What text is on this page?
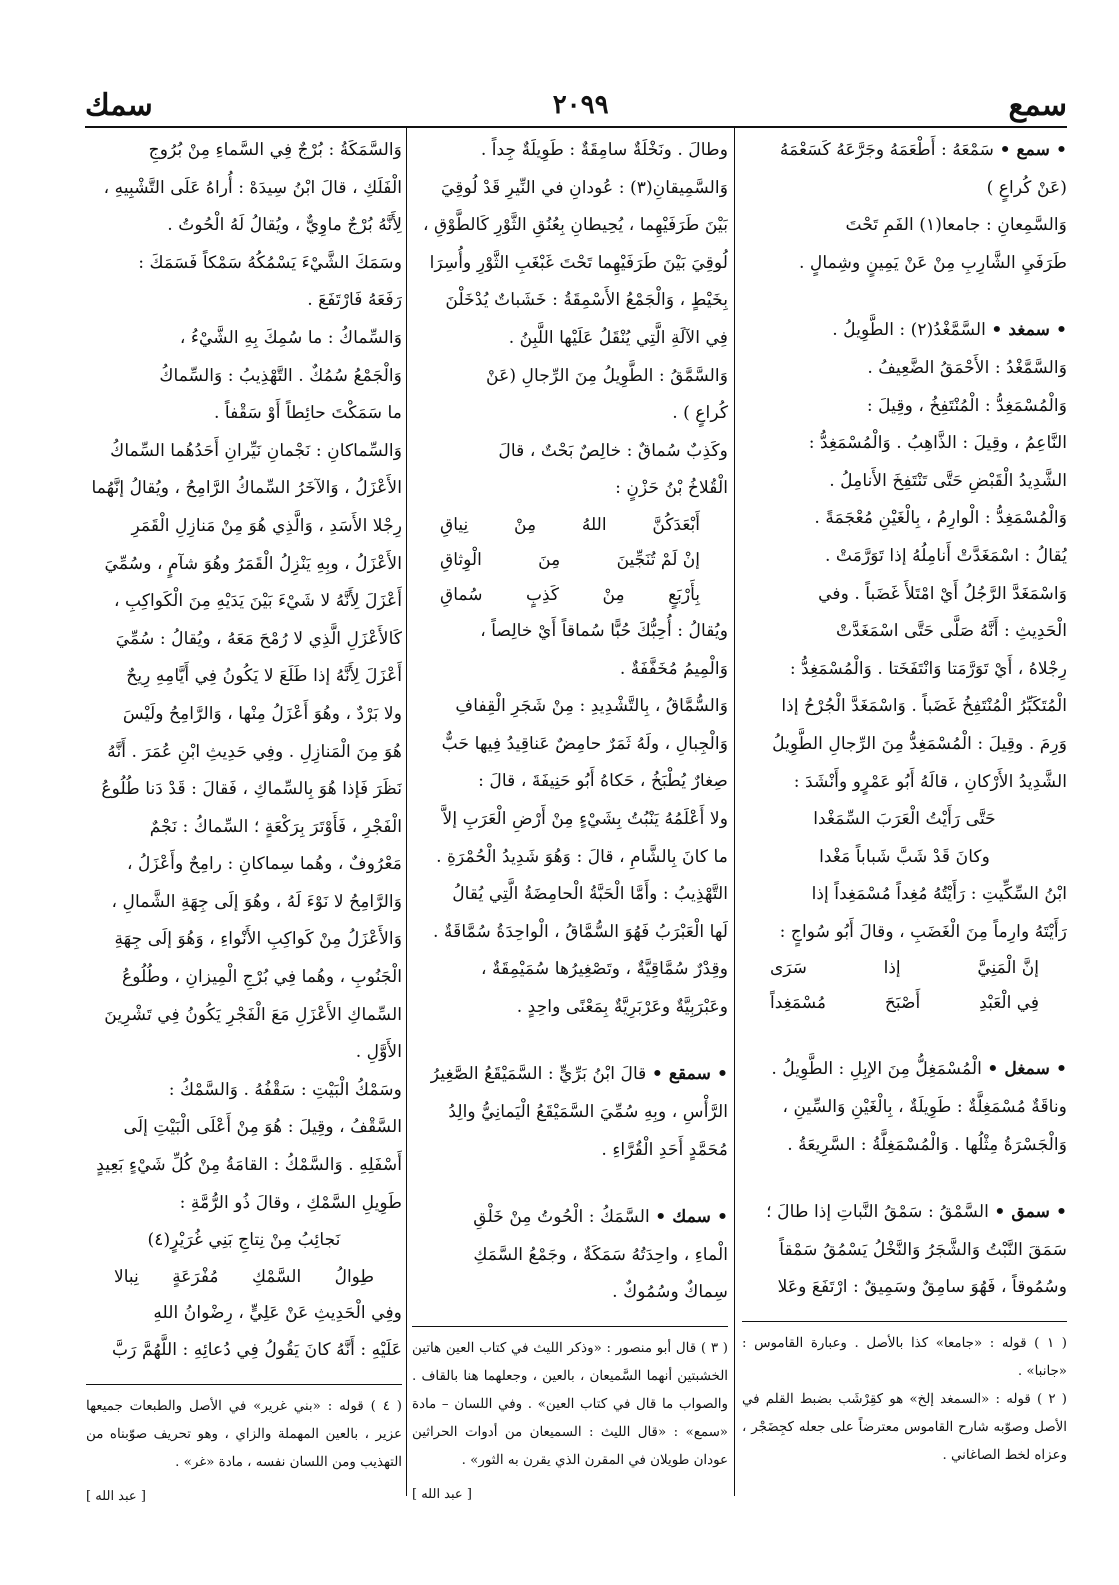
سمك	٢٠٩٩	سمع

• سمع • سَمْعَهُ : أَطْعَمَهُ وجَرَّعَهُ كَسَعْمَهُ

(عَنْ كُراعٍ )

وَالسَّمِعانِ : جامعا(١) الفَمِ تَحْتَ

طَرَفَيِ الشَّارِبِ مِنْ عَنْ يَمِينٍ وشِمالٍ .

• سمغد • السَّمَّغْدُ(٢) : الطَّوِيلُ .

وَالسَّمَّغْدُ : الأَحْمَقُ الضَّعِيفُ .

وَالْمُسْمَغِدُّ : الْمُنْتَفِخُ ، وقِيلَ :

النَّاعِمُ ، وقِيلَ : الذَّاهِبُ . وَالْمُسْمَغِدُّ :

الشَّدِيدُ الْقَبْضِ حَتَّى تَنْتَفِخَ الأَنامِلُ .

وَالْمُسْمَغِدُّ : الْوارِمُ ، بِالْغَيْنِ مُعْجَمَةً .

يُقالُ : اسْمَغَدَّتْ أَنامِلُهُ إذا تَوَرَّمَتْ .

وَاسْمَغَدَّ الرَّجُلُ أَيْ امْتَلأَ غَضَباً . وفي

الْحَدِيثِ : أَنَّهُ صَلَّى حَتَّى اسْمَغَدَّتْ

رِجْلاهُ ، أَيْ تَوَرَّمَتا وَانْتَفَخَتا . وَالْمُسْمَغِدُّ :

الْمُتَكَبِّرُ الْمُنْتَفِخُ غَضَباً . وَاسْمَغَدَّ الْجُرْحُ إذا

وَرِمَ . وقِيلَ : الْمُسْمَغِدُّ مِنَ الرِّجالِ الطَّوِيلُ

الشَّدِيدُ الأَرْكانِ ، قالَهُ أَبُو عَمْرٍو وأَنْشَدَ :

حَتَّى رَأَيْتُ الْعَرَبَ السِّمَغْدا

وكانَ قَدْ شَبَّ شَباباً مَغْدا

ابْنُ السِّكِّيتِ : رَأَيْتُهُ مُغِداً مُسْمَغِداً إذا

رَأَيْتَهُ وارِماً مِنَ الْغَضَبِ ، وقالَ أَبُو سُواجٍ :

إنَّ الْمَنِيَّ
إذا
سَرَى
فِي الْعَبْدِ
أَصْبَحَ
مُسْمَغِداً

• سمغل • الْمُسْمَغِلُّ مِنَ الإبِلِ : الطَّوِيلُ .

وناقَةٌ مُسْمَغِلَّةٌ : طَوِيلَةٌ ، بِالْغَيْنِ وَالسِّينِ ،

وَالْجَسْرَةُ مِثْلُها . وَالْمُسْمَغِلَّةُ : السَّرِيعَةُ .

• سمق • السَّمْقُ : سَمْقُ النَّباتِ إذا طالَ ؛

سَمَقَ النَّبْتُ وَالشَّجَرُ وَالنَّخْلُ يَسْمُقُ سَمْقاً

وسُمُوقاً ، فَهُوَ سامِقٌ وسَمِيقٌ : ارْتَفَعَ وعَلا

( ١ ) قوله : «جامعا» كذا بالأصل . وعبارة القاموس : «جانبا» .

( ٢ ) قوله : «السمغد إلخ» هو كقِرْشَب بضبط القلم في الأصل وصوّبه شارح القاموس معترضاً على جعله كجِضَجْر ، وعزاه لخط الصاغاني .

وطالَ . ونَخْلَةٌ سامِقَةٌ : طَوِيلَةٌ جِداً .

وَالسَّمِيقانِ(٣) : عُودانِ في النِّيرِ قَدْ لُوقِيَ

بَيْنَ طَرَفَيْهِما ، يُحِيطانِ بِعُنُقِ الثَّوْرِ كَالطَّوْقِ ،

لُوقِيَ بَيْنَ طَرَفَيْهِما تَحْتَ غَبْغَبِ الثَّوْرِ وأُسِرَا

بِخَيْطٍ ، وَالْجَمْعُ الأَسْمِقَةُ : خَشَباتٌ يُدْخَلْنَ

فِي الآلَةِ الَّتِي يُنْقَلُ عَلَيْها اللَّبِنُ .

وَالسَّمَّقُ : الطَّوِيلُ مِنَ الرِّجالِ (عَنْ

كُراعٍ ) .

وكَذِبٌ سُماقٌ : خالِصٌ بَحْتٌ ، قالَ

الْقُلاخُ بْنُ حَزْنٍ :

أَبْعَدَكُنَّ
اللهُ
مِنْ
نِياقِ
إنْ لَمْ تُنَجِّينَ
مِنَ
الْوِثاقِ
بِأَرْبَعٍ
مِنْ
كَذِبٍ
سُماقِ

ويُقالُ : أُحِبُّكَ حُبًّا سُماقاً أَيْ خالِصاً ،

وَالْمِيمُ مُخَفَّفَةٌ .

وَالسُّمَّاقُ ، بِالتَّشْدِيدِ : مِنْ شَجَرِ الْقِفافِ

وَالْجِبالِ ، ولَهُ ثَمَرٌ حامِضٌ عَناقِيدُ فِيها حَبٌّ

صِغارٌ يُطْبَخُ ، حَكاهُ أَبُو حَنِيفَةَ ، قالَ :

ولا أَعْلَمُهُ يَنْبُتُ بِشَيْءٍ مِنْ أَرْضِ الْعَرَبِ إلاَّ

ما كانَ بِالشَّامِ ، قالَ : وَهُوَ شَدِيدُ الْحُمْرَةِ .

التَّهْذِيبُ : وأَمَّا الْحَبَّةُ الْحامِضَةُ الَّتِي يُقالُ

لَها الْعَبْرَبُ فَهُوَ السُّمَّاقُ ، الْواحِدَةُ سُمَّاقَةٌ .

وقِدْرٌ سُمَّاقِيَّةٌ ، وتَصْغِيرُها سُمَيْمِقَةٌ ،

وعَبْرَبِيَّةٌ وعَرْبَرِيَّةٌ بِمَعْنًى واحِدٍ .

• سمقع • قالَ ابْنُ بَرِّيٍّ : السَّمَيْقَعُ الصَّغِيرُ

الرَّأْسِ ، وبِهِ سُمِّيَ السَّمَيْقَعُ الْيَمانِيُّ والِدُ

مُحَمَّدٍ أَحَدِ الْقُرَّاءِ .

• سمك • السَّمَكُ : الْحُوتُ مِنْ خَلْقِ

الْماءِ ، واحِدَتُهُ سَمَكَةٌ ، وجَمْعُ السَّمَكِ

سِماكٌ وسُمُوكٌ .

( ٣ ) قال أبو منصور : «وذكر الليث في كتاب العين هاتين الخشبتين أنهما السَّميعان ، بالعين ، وجعلهما هنا بالقاف . والصواب ما قال في كتاب العين» . وفي اللسان – مادة «سمع» : «قال الليث : السميعان من أدوات الحراثين عودان طويلان في المقرن الذي يقرن به الثور» .

[ عبد الله ]

وَالسَّمَكَةُ : بُرْجٌ فِي السَّماءِ مِنْ بُرُوجِ

الْفَلَكِ ، قالَ ابْنُ سِيدَهْ : أُراهُ عَلَى التَّشْبِيهِ ،

لِأَنَّهُ بُرْجٌ ماوِيٌّ ، ويُقالُ لَهُ الْحُوتُ .

وسَمَكَ الشَّيْءَ يَسْمُكُهُ سَمْكاً فَسَمَكَ :

رَفَعَهُ فَارْتَفَعَ .

وَالسِّماكُ : ما سُمِكَ بِهِ الشَّيْءُ ،

وَالْجَمْعُ سُمُكٌ . التَّهْذِيبُ : وَالسِّماكُ

ما سَمَكْتَ حائِطاً أَوْ سَقْفاً .

وَالسِّماكانِ : نَجْمانِ نَيِّرانِ أَحَدُهُما السِّماكُ

الأَعْزَلُ ، وَالآخَرُ السِّماكُ الرَّامِحُ ، ويُقالُ إنَّهُما

رِجْلا الأَسَدِ ، وَالَّذِي هُوَ مِنْ مَنازِلِ الْقَمَرِ

الأَعْزَلُ ، وبِهِ يَنْزِلُ الْقَمَرُ وهُوَ شآمٍ ، وسُمِّيَ

أَعْزَلَ لِأَنَّهُ لا شَيْءَ بَيْنَ يَدَيْهِ مِنَ الْكَواكِبِ ،

كَالأَعْزَلِ الَّذِي لا رُمْحَ مَعَهُ ، ويُقالُ : سُمِّيَ

أَعْزَلَ لِأَنَّهُ إذا طَلَعَ لا يَكُونُ فِي أَيَّامِهِ رِيحٌ

ولا بَرْدٌ ، وهُوَ أَعْزَلُ مِنْها ، وَالرَّامِحُ ولَيْسَ

هُوَ مِنَ الْمَنازِلِ . وفِي حَدِيثِ ابْنِ عُمَرَ . أَنَّهُ

نَظَرَ فَإذا هُوَ بِالسِّماكِ ، فَقالَ : قَدْ دَنا طُلُوعُ

الْفَجْرِ ، فَأَوْتَرَ بِرَكْعَةٍ ؛ السِّماكُ : نَجْمٌ

مَعْرُوفٌ ، وهُما سِماكانِ : رامِحٌ وأَعْزَلُ ،

وَالرَّامِحُ لا نَوْءَ لَهُ ، وهُوَ إلَى جِهَةِ الشَّمالِ ،

وَالأَعْزَلُ مِنْ كَواكِبِ الأَنْواءِ ، وَهُوَ إلَى جِهَةِ

الْجَنُوبِ ، وهُما فِي بُرْجِ الْمِيزانِ ، وطُلُوعُ

السِّماكِ الأَعْزَلِ مَعَ الْفَجْرِ يَكُونُ فِي تَشْرِينَ

الأَوَّلِ .

وسَمْكُ الْبَيْتِ : سَقْفُهُ . وَالسَّمْكُ :

السَّقْفُ ، وقِيلَ : هُوَ مِنْ أَعْلَى الْبَيْتِ إلَى

أَسْفَلِهِ . وَالسَّمْكُ : القامَةُ مِنْ كُلِّ شَيْءٍ بَعِيدٍ

طَوِيلِ السَّمْكِ ، وقالَ ذُو الرُّمَّةِ :

نَجائِبُ مِنْ نِتاجِ بَنِي غُرَيْرٍ(٤)

طِوالُ
السَّمْكِ
مُفْرَعَةٍ
نِبالا

وفِي الْحَدِيثِ عَنْ عَلِيٍّ ، رِضْوانُ اللهِ

عَلَيْهِ : أَنَّهُ كانَ يَقُولُ فِي دُعائِهِ : اللَّهُمَّ رَبَّ

( ٤ ) قوله : «بني غرير» في الأصل والطبعات جميعها عزير ، بالعين المهملة والزاي ، وهو تحريف صوّبناه من التهذيب ومن اللسان نفسه ، مادة «غر» .

[ عبد الله ]
